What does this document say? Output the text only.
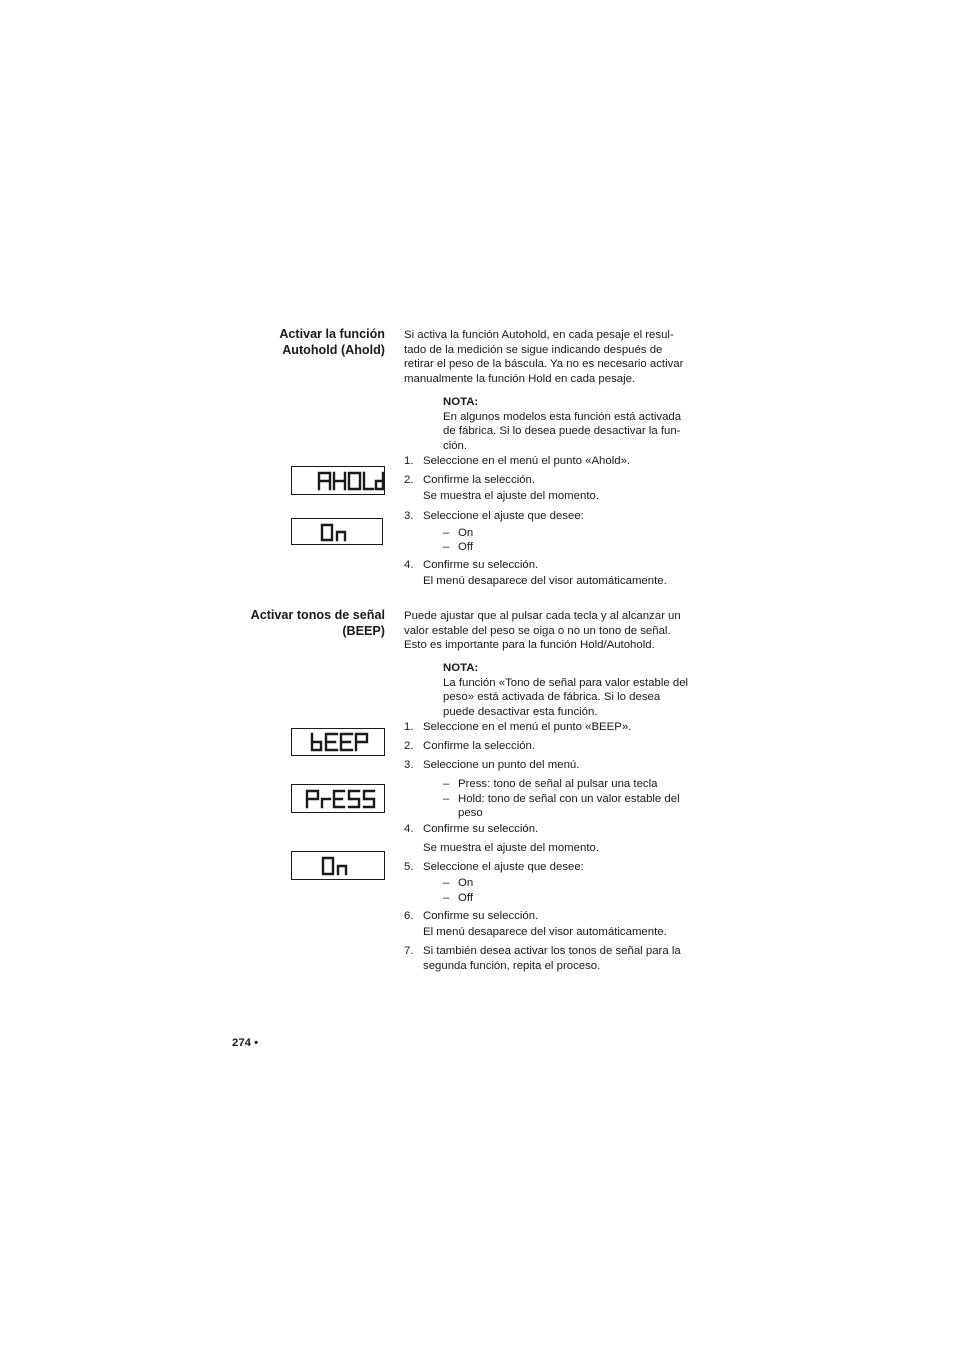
Activar la función
Autohold (Ahold)
Si activa la función Autohold, en cada pesaje el resul-
tado de la medición se sigue indicando después de
retirar el peso de la báscula. Ya no es necesario activar
manualmente la función Hold en cada pesaje.
NOTA:
En algunos modelos esta función está activada
de fábrica. Si lo desea puede desactivar la fun-
ción.
1. Seleccione en el menú el punto «Ahold».
2. Confirme la selección.
Se muestra el ajuste del momento.
3. Seleccione el ajuste que desee:
– On
– Off
4. Confirme su selección.
El menú desaparece del visor automáticamente.
Activar tonos de señal
(BEEP)
Puede ajustar que al pulsar cada tecla y al alcanzar un
valor estable del peso se oiga o no un tono de señal.
Esto es importante para la función Hold/Autohold.
NOTA:
La función «Tono de señal para valor estable del
peso» está activada de fábrica. Si lo desea
puede desactivar esta función.
1. Seleccione en el menú el punto «BEEP».
2. Confirme la selección.
3. Seleccione un punto del menú.
– Press: tono de señal al pulsar una tecla
– Hold: tono de señal con un valor estable del
peso
4. Confirme su selección.
Se muestra el ajuste del momento.
5. Seleccione el ajuste que desee:
– On
– Off
6. Confirme su selección.
El menú desaparece del visor automáticamente.
7. Si también desea activar los tonos de señal para la
segunda función, repita el proceso.
274 •
